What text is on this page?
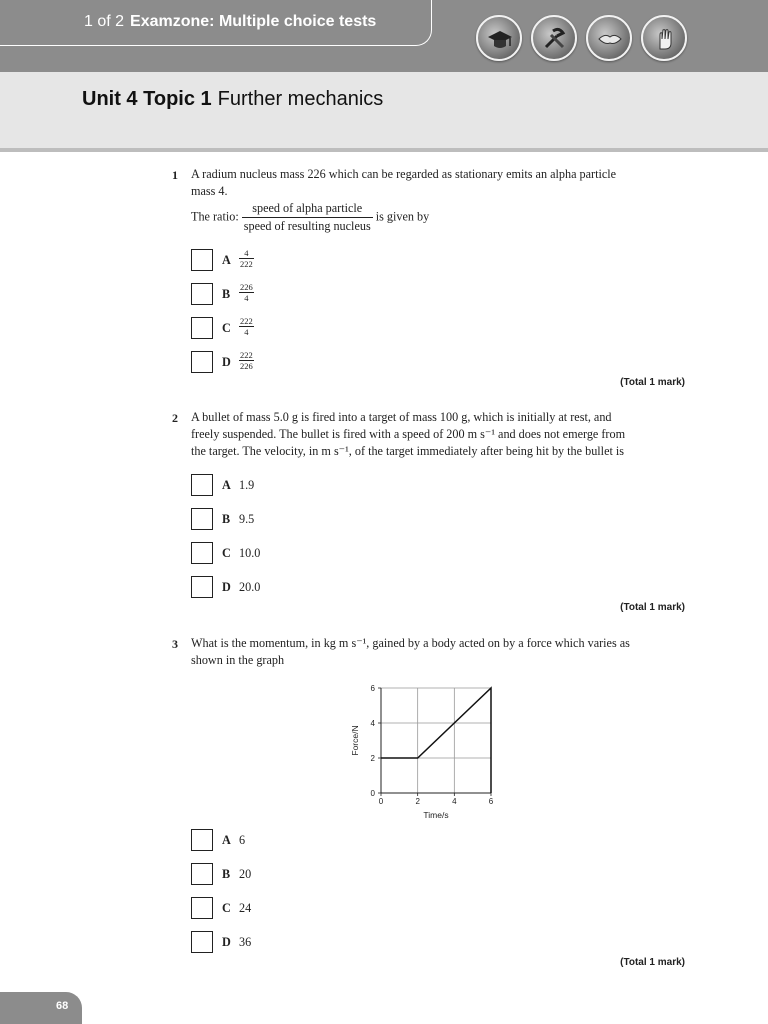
1 of 2 Examzone: Multiple choice tests
Unit 4 Topic 1 Further mechanics
1 A radium nucleus mass 226 which can be regarded as stationary emits an alpha particle
mass 4.
The ratio: $\frac{\text{speed of alpha particle}}{\text{speed of resulting nucleus}}$ is given by
A $\frac{4}{222}$
B $\frac{226}{4}$
C $\frac{222}{4}$
D $\frac{222}{226}$
(Total 1 mark)
2 A bullet of mass 5.0 g is fired into a target of mass 100 g, which is initially at rest, and
freely suspended. The bullet is fired with a speed of 200 m s⁻¹ and does not emerge from
the target. The velocity, in m s⁻¹, of the target immediately after being hit by the bullet is
A 1.9
B 9.5
C 10.0
D 20.0
(Total 1 mark)
3 What is the momentum, in kg m s⁻¹, gained by a body acted on by a force which varies as
shown in the graph
0	2	4	6
0
2
4
6
Time/s
Force/N
A 6
B 20
C 24
D 36
(Total 1 mark)
68
